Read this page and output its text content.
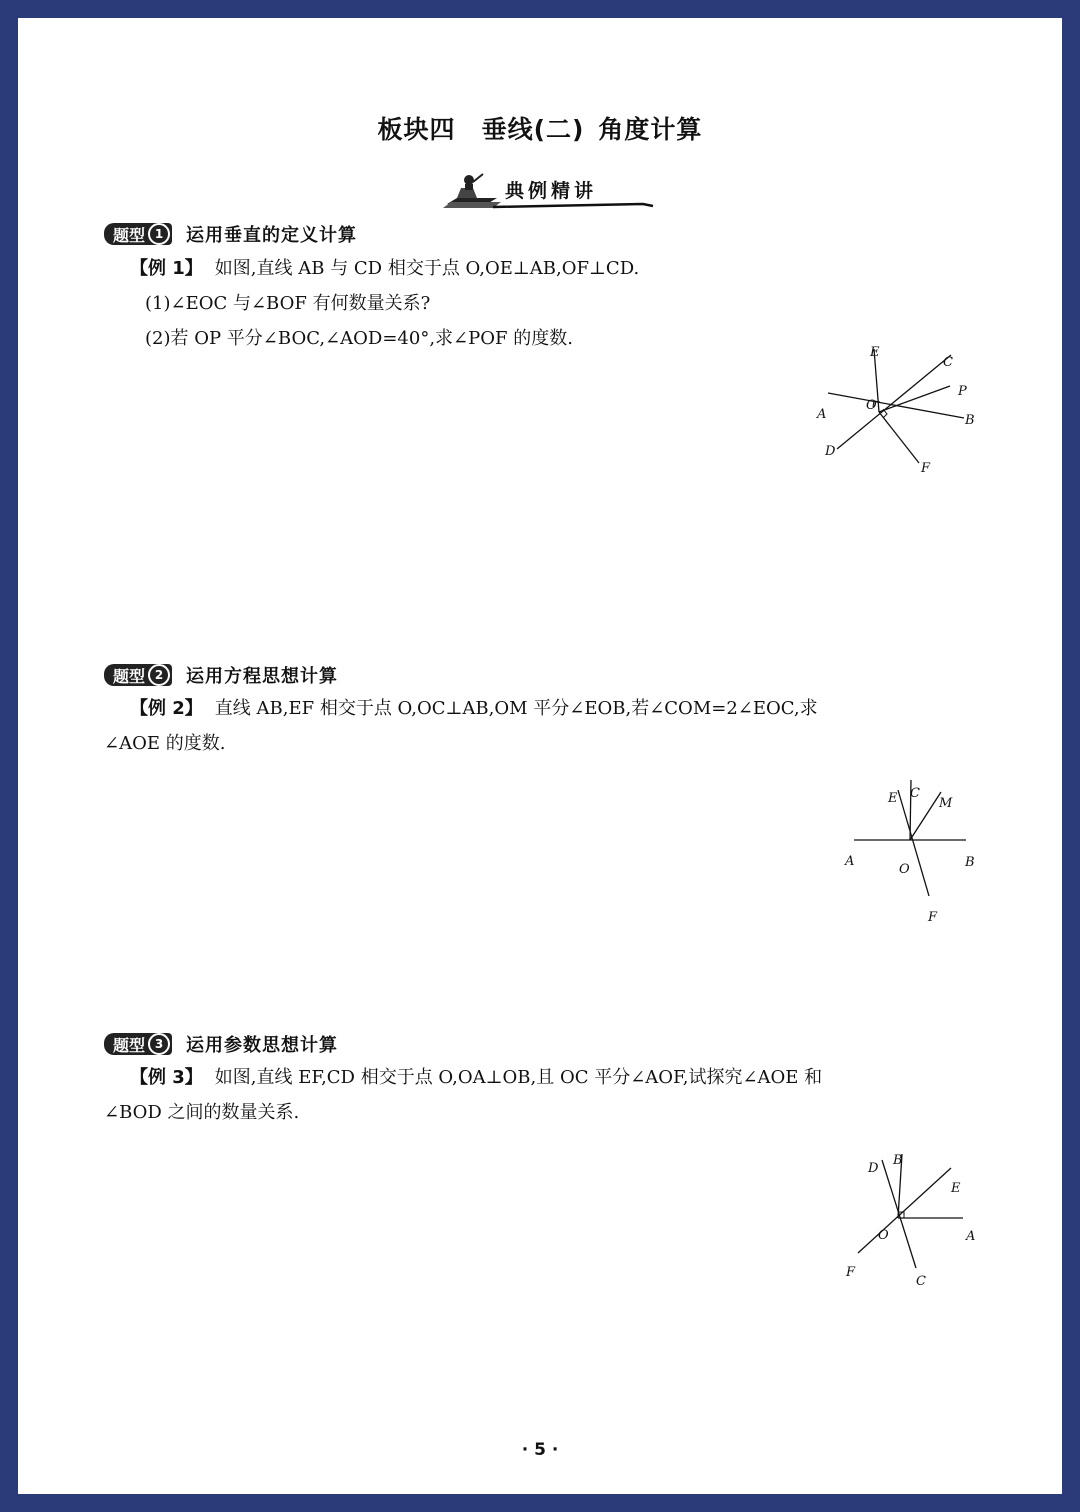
板块四 垂线(二) 角度计算
典例精讲
题型 1	运用垂直的定义计算
【例 1】 如图,直线 AB 与 CD 相交于点 O,OE⊥AB,OF⊥CD.
(1)∠EOC 与∠BOF 有何数量关系?
(2)若 OP 平分∠BOC,∠AOD=40°,求∠POF 的度数.
E
C
P
O
A	B
D
F
题型 2	运用方程思想计算
【例 2】 直线 AB,EF 相交于点 O,OC⊥AB,OM 平分∠EOB,若∠COM=2∠EOC,求
∠AOE 的度数.
E C
M
A
O	B
F
题型 3	运用参数思想计算
【例 3】 如图,直线 EF,CD 相交于点 O,OA⊥OB,且 OC 平分∠AOF,试探究∠AOE 和
∠BOD 之间的数量关系.
D
B
E
O	A
F
C
· 5 ·
